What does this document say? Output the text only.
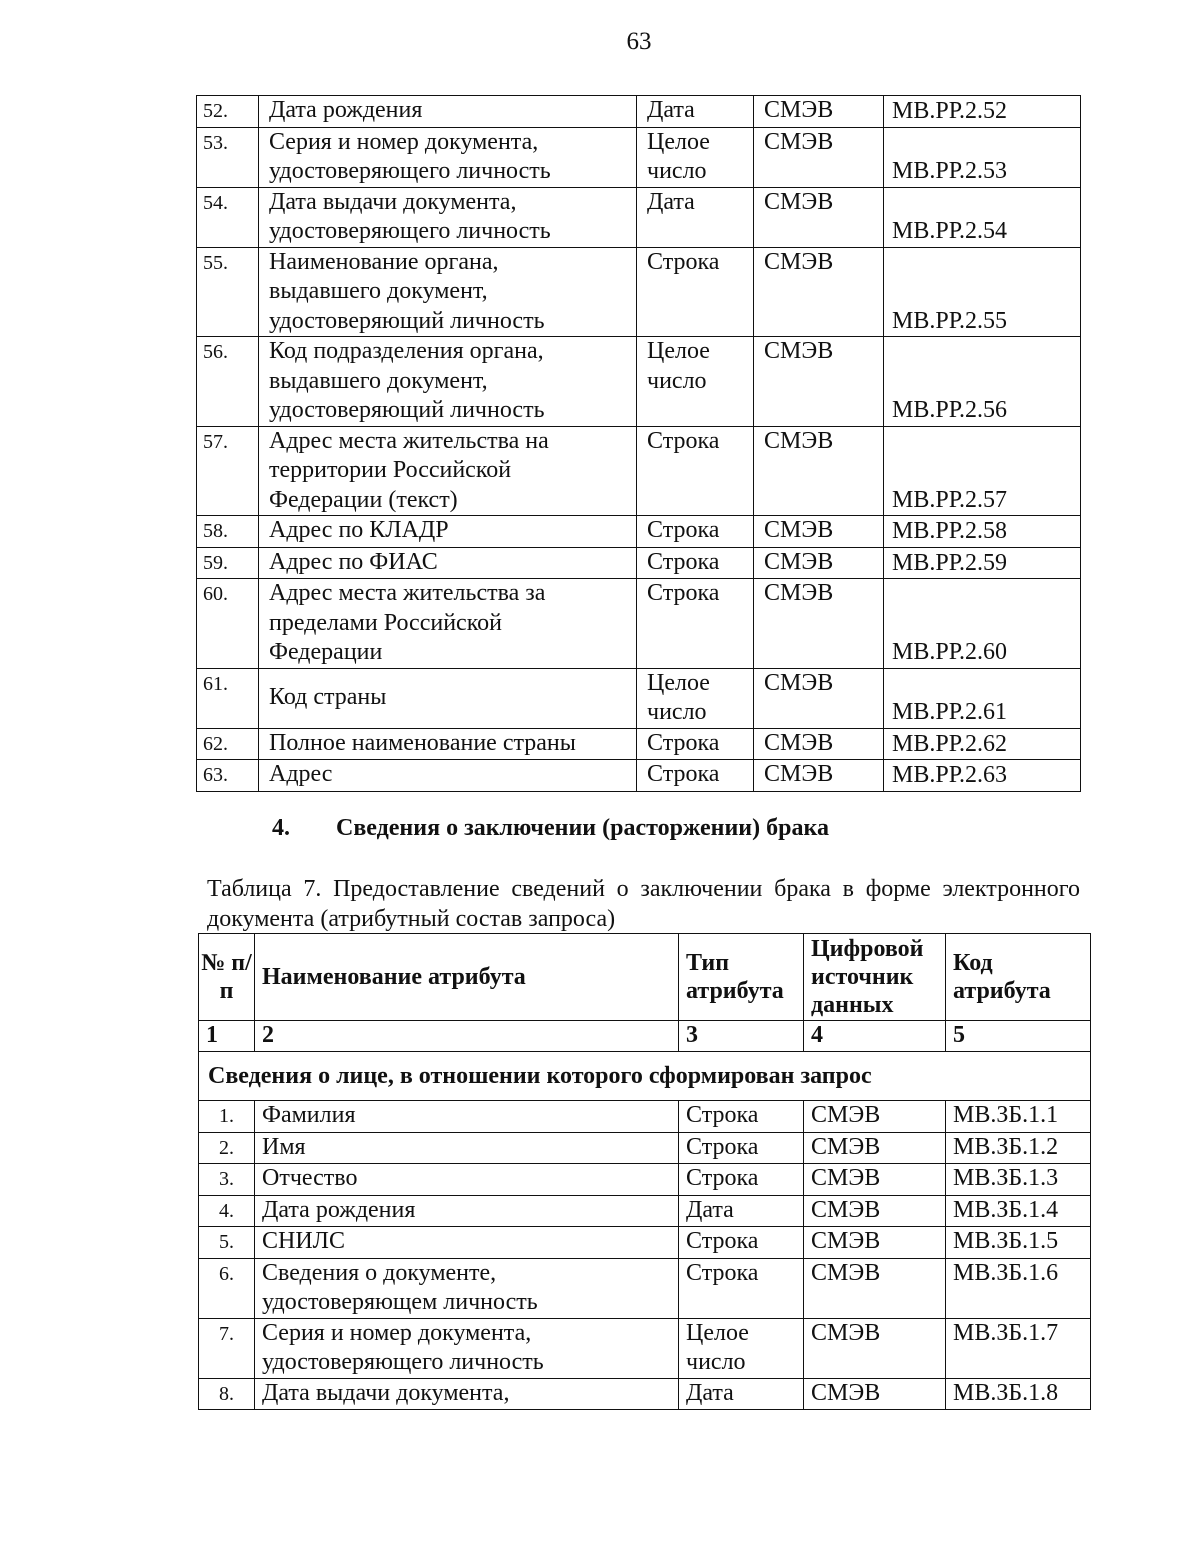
63
52.	Дата рождения	Дата	СМЭВ	МВ.РР.2.52
53.	Серия и номер документа, удостоверяющего личность	Целое число	СМЭВ	МВ.РР.2.53
54.	Дата выдачи документа, удостоверяющего личность	Дата	СМЭВ	МВ.РР.2.54
55.	Наименование органа, выдавшего документ, удостоверяющий личность	Строка	СМЭВ	МВ.РР.2.55
56.	Код подразделения органа, выдавшего документ, удостоверяющий личность	Целое число	СМЭВ	МВ.РР.2.56
57.	Адрес места жительства на территории Российской Федерации (текст)	Строка	СМЭВ	МВ.РР.2.57
58.	Адрес по КЛАДР	Строка	СМЭВ	МВ.РР.2.58
59.	Адрес по ФИАС	Строка	СМЭВ	МВ.РР.2.59
60.	Адрес места жительства за пределами Российской Федерации	Строка	СМЭВ	МВ.РР.2.60
61.	Код страны	Целое число	СМЭВ	МВ.РР.2.61
62.	Полное наименование страны	Строка	СМЭВ	МВ.РР.2.62
63.	Адрес	Строка	СМЭВ	МВ.РР.2.63
4. Сведения о заключении (расторжении) брака
Таблица 7. Предоставление сведений о заключении брака в форме электронного документа (атрибутный состав запроса)
№ п/п	Наименование атрибута	Тип атрибута	Цифровой источник данных	Код атрибута
1	2	3	4	5
Сведения о лице, в отношении которого сформирован запрос				
1.	Фамилия	Строка	СМЭВ	МВ.ЗБ.1.1
2.	Имя	Строка	СМЭВ	МВ.ЗБ.1.2
3.	Отчество	Строка	СМЭВ	МВ.ЗБ.1.3
4.	Дата рождения	Дата	СМЭВ	МВ.ЗБ.1.4
5.	СНИЛС	Строка	СМЭВ	МВ.ЗБ.1.5
6.	Сведения о документе, удостоверяющем личность	Строка	СМЭВ	МВ.ЗБ.1.6
7.	Серия и номер документа, удостоверяющего личность	Целое число	СМЭВ	МВ.ЗБ.1.7
8.	Дата выдачи документа,	Дата	СМЭВ	МВ.ЗБ.1.8
